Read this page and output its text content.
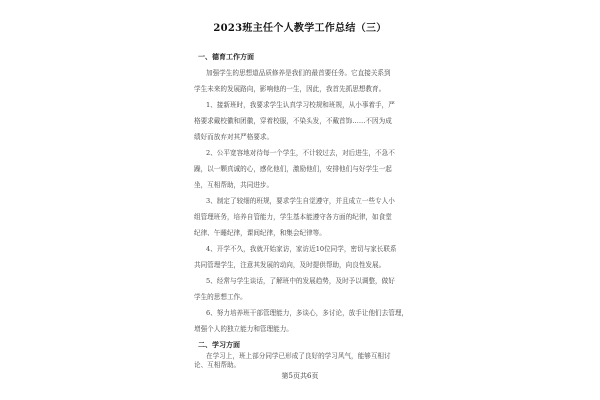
2023班主任个人教学工作总结（三）
一、德育工作方面
加强学生的思想道品质修养是我们的最首要任务。它直接关系到
学生未来的发展路向，影响他的一生，因此，我首先抓思想教育。
1、接新班时，我要求学生认真学习校规和班规，从小事着手，严
格要求戴校徽和团徽，穿着校服，不染头发，不戴首饰……不因为成
绩好而放弃对其严格要求。
2、公平宽容地对待每一个学生，不计较过去，对后进生，不急不
躁，以一颗真诚的心，感化他们，激励他们，安排他们与好学生一起
坐，互相帮助，共同进步。
3、制定了较细的班规，要求学生自觉遵守，并且成立一些专人小
组管理班务，培养自管能力，学生基本能遵守各方面的纪律，如食堂
纪律、午睡纪律，课间纪律，和集会纪律等。
4、开学不久，我就开始家访，家访近10位同学，密切与家长联系
共同管理学生，注意其发展的动向，及时提供帮助，向良性发展。
5、经常与学生谈话，了解班中的发展趋势，及时予以调整，做好
学生的思想工作。
6、努力培养班干部管理能力，多谈心，多讨论，放手让他们去管理，
增强个人的独立能力和管理能力。
二、学习方面
在学习上，班上部分同学已形成了良好的学习风气，能够互相讨
论、互相帮助。
第5页共6页
